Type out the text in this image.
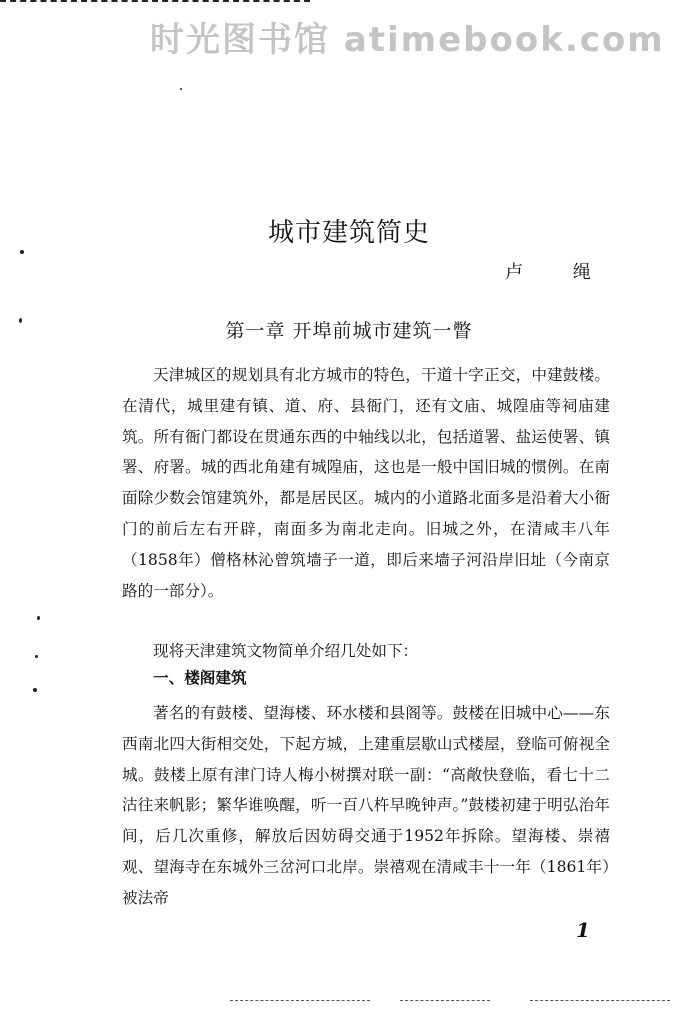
时光图书馆 atimebook.com
城市建筑简史
卢 绳
第一章 开埠前城市建筑一瞥
天津城区的规划具有北方城市的特色，干道十字正交，中建鼓楼。在清代，城里建有镇、道、府、县衙门，还有文庙、城隍庙等祠庙建筑。所有衙门都设在贯通东西的中轴线以北，包括道署、盐运使署、镇署、府署。城的西北角建有城隍庙，这也是一般中国旧城的惯例。在南面除少数会馆建筑外，都是居民区。城内的小道路北面多是沿着大小衙门的前后左右开辟，南面多为南北走向。旧城之外，在清咸丰八年（1858年）僧格林沁曾筑墙子一道，即后来墙子河沿岸旧址（今南京路的一部分）。
现将天津建筑文物简单介绍几处如下：
一、楼阁建筑
著名的有鼓楼、望海楼、环水楼和县阁等。鼓楼在旧城中心——东西南北四大街相交处，下起方城，上建重层歇山式楼屋，登临可俯视全城。鼓楼上原有津门诗人梅小树撰对联一副：“高敞快登临，看七十二沽往来帆影；繁华谁唤醒，听一百八杵早晚钟声。”鼓楼初建于明弘治年间，后几次重修，解放后因妨碍交通于1952年拆除。望海楼、崇禧观、望海寺在东城外三岔河口北岸。崇禧观在清咸丰十一年（1861年）被法帝
1
